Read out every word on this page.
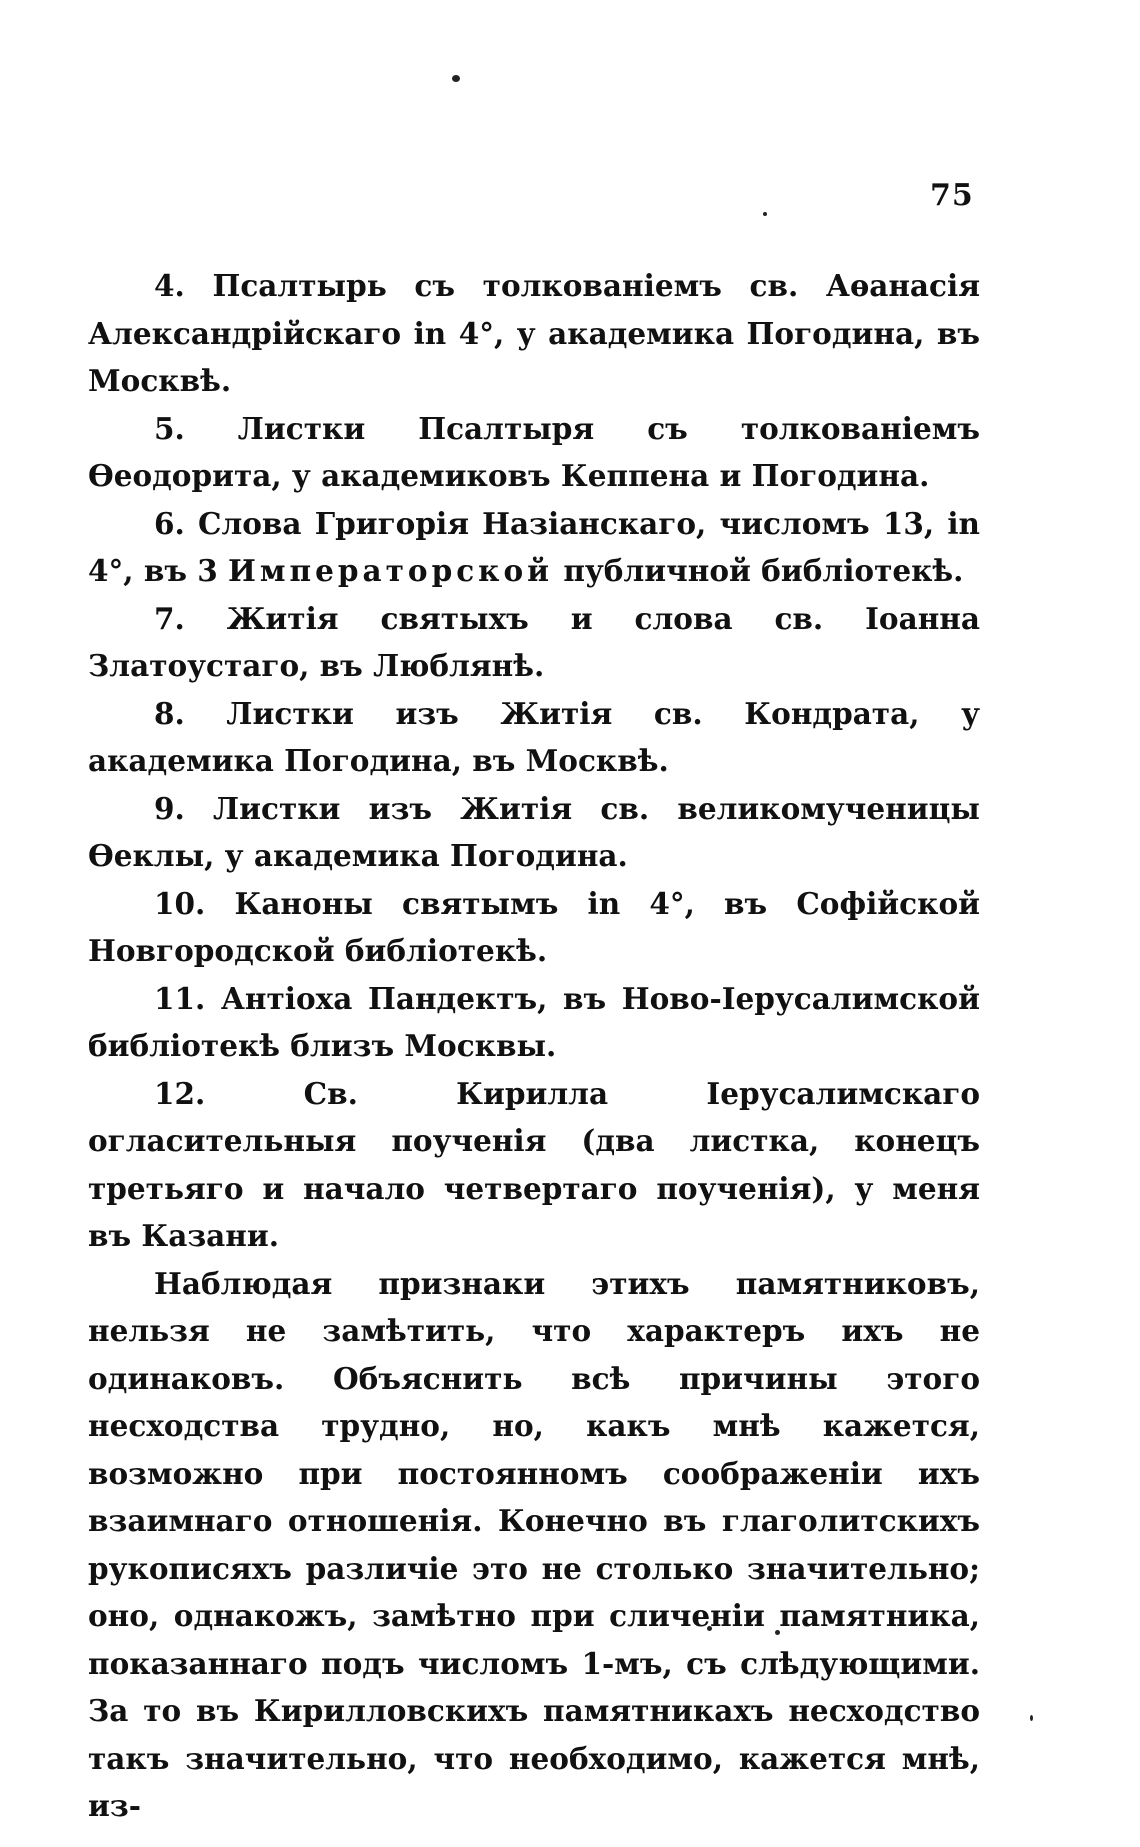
75

4. Псалтырь съ толкованіемъ св. Аѳанасія Александрійскаго in 4°, у академика Погодина, въ Москвѣ.

5. Листки Псалтыря съ толкованіемъ Ѳеодорита, у академиковъ Кеппена и Погодина.

6. Слова Григорія Назіанскаго, числомъ 13, in 4°, въ 3 Императорской публичной библіотекѣ.

7. Житія святыхъ и слова св. Іоанна Златоустаго, въ Люблянѣ.

8. Листки изъ Житія св. Кондрата, у академика Погодина, въ Москвѣ.

9. Листки изъ Житія св. великомученицы Ѳеклы, у академика Погодина.

10. Каноны святымъ in 4°, въ Софійской Новгородской библіотекѣ.

11. Антіоха Пандектъ, въ Ново-Іерусалимской библіотекѣ близъ Москвы.

12. Св. Кирилла Іерусалимскаго огласительныя поученія (два листка, конецъ третьяго и начало четвертаго поученія), у меня въ Казани.

Наблюдая признаки этихъ памятниковъ, нельзя не замѣтить, что характеръ ихъ не одинаковъ. Объяснить всѣ причины этого несходства трудно, но, какъ мнѣ кажется, возможно при постоянномъ соображеніи ихъ взаимнаго отношенія. Конечно въ глаголитскихъ рукописяхъ различіе это не столько значительно; оно, однакожъ, замѣтно при сличеніи памятника, показаннаго подъ числомъ 1-мъ, съ слѣдующими. За то въ Кирилловскихъ памятникахъ несходство такъ значительно, что необходимо, кажется мнѣ, из-
